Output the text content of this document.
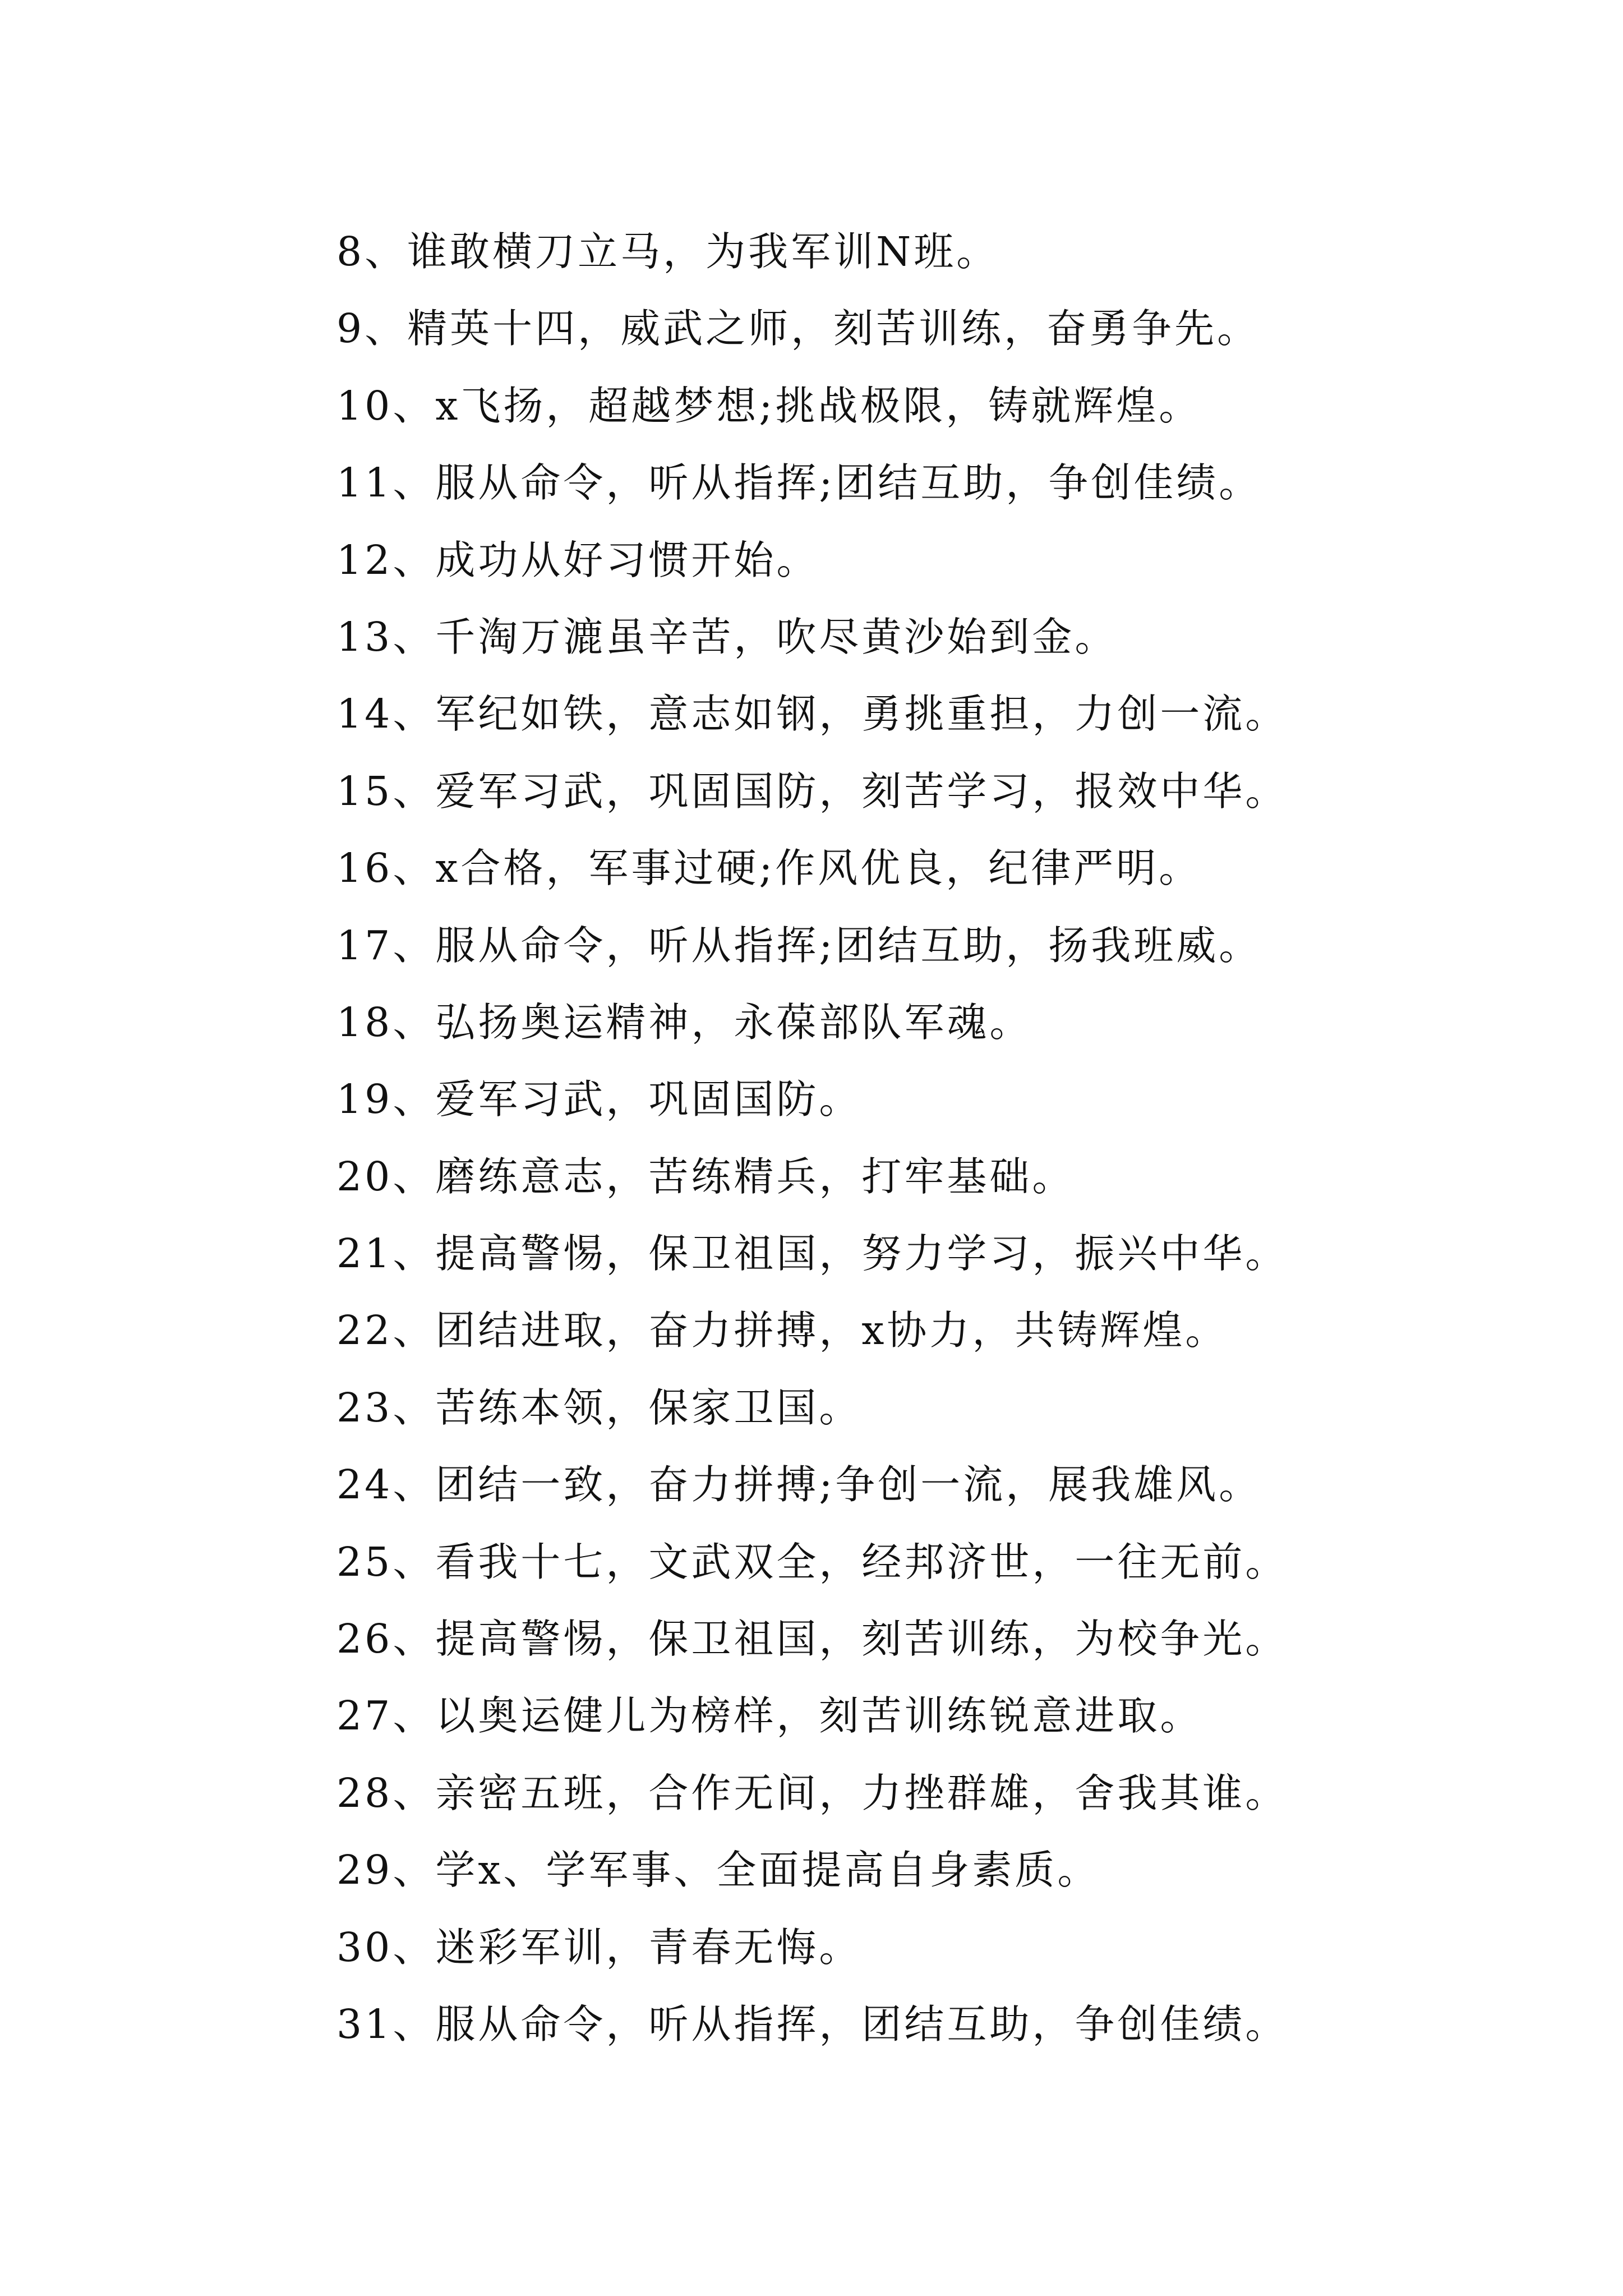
8、谁敢横刀立马，为我军训N班。
9、精英十四，威武之师，刻苦训练，奋勇争先。
10、x飞扬，超越梦想;挑战极限，铸就辉煌。
11、服从命令，听从指挥;团结互助，争创佳绩。
12、成功从好习惯开始。
13、千淘万漉虽辛苦，吹尽黄沙始到金。
14、军纪如铁，意志如钢，勇挑重担，力创一流。
15、爱军习武，巩固国防，刻苦学习，报效中华。
16、x合格，军事过硬;作风优良，纪律严明。
17、服从命令，听从指挥;团结互助，扬我班威。
18、弘扬奥运精神，永葆部队军魂。
19、爱军习武，巩固国防。
20、磨练意志，苦练精兵，打牢基础。
21、提高警惕，保卫祖国，努力学习，振兴中华。
22、团结进取，奋力拼搏，x协力，共铸辉煌。
23、苦练本领，保家卫国。
24、团结一致，奋力拼搏;争创一流，展我雄风。
25、看我十七，文武双全，经邦济世，一往无前。
26、提高警惕，保卫祖国，刻苦训练，为校争光。
27、以奥运健儿为榜样，刻苦训练锐意进取。
28、亲密五班，合作无间，力挫群雄，舍我其谁。
29、学x、学军事、全面提高自身素质。
30、迷彩军训，青春无悔。
31、服从命令，听从指挥，团结互助，争创佳绩。
